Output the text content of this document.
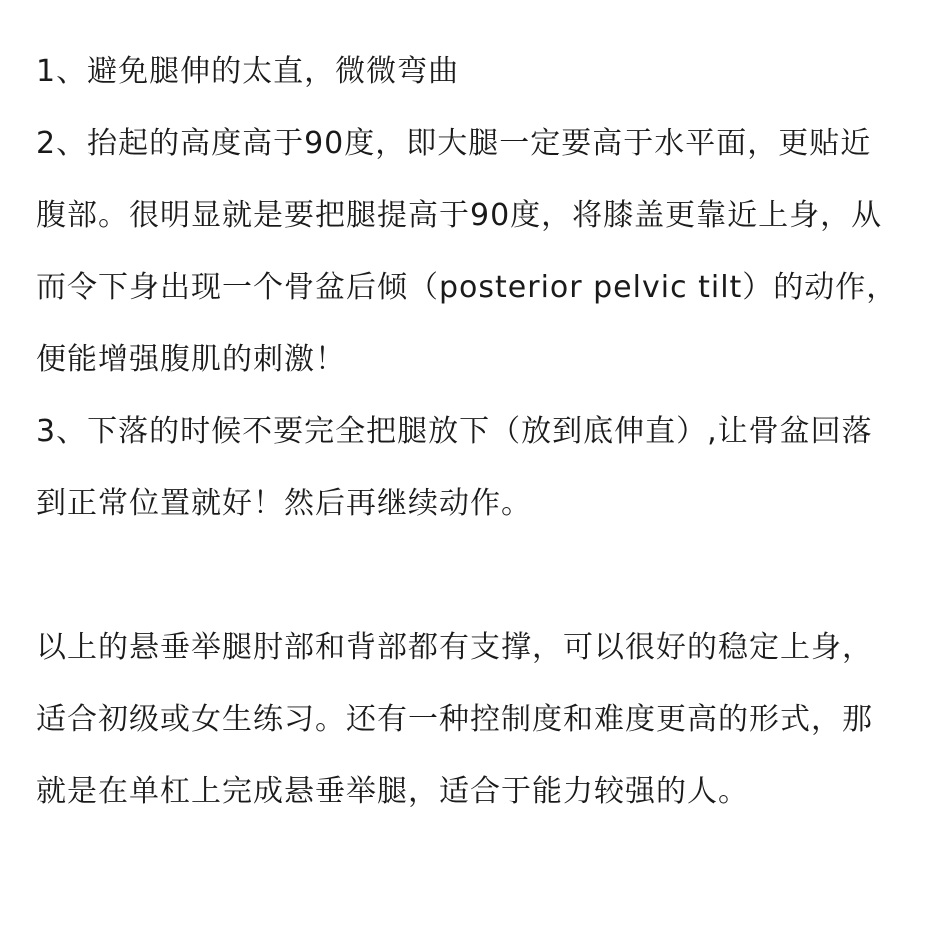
1、避免腿伸的太直，微微弯曲

2、抬起的高度高于90度，即大腿一定要高于水平面，更贴近腹部。很明显就是要把腿提高于90度，将膝盖更靠近上身，从而令下身出现一个骨盆后倾（posterior pelvic tilt）的动作，便能增强腹肌的刺激！

3、下落的时候不要完全把腿放下（放到底伸直）,让骨盆回落到正常位置就好！然后再继续动作。

以上的悬垂举腿肘部和背部都有支撑，可以很好的稳定上身，适合初级或女生练习。还有一种控制度和难度更高的形式，那就是在单杠上完成悬垂举腿，适合于能力较强的人。
